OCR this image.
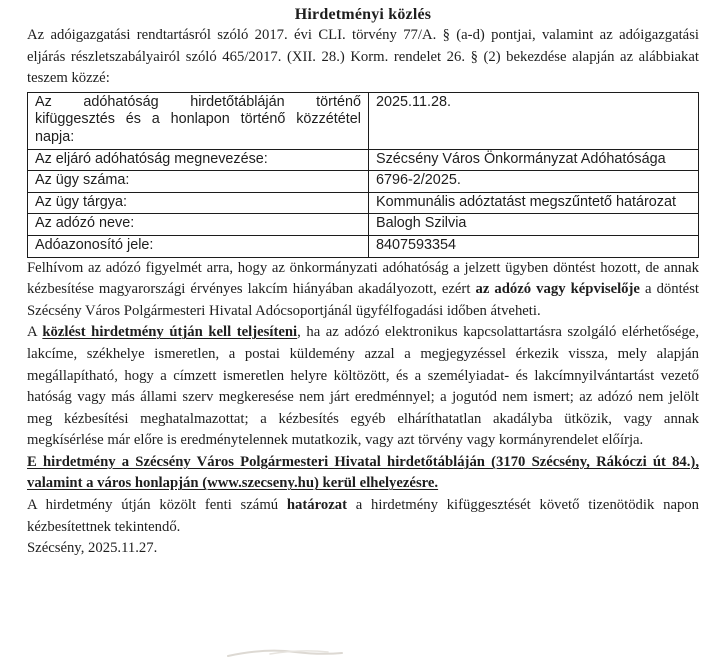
Hirdetményi közlés

Az adóigazgatási rendtartásról szóló 2017. évi CLI. törvény 77/A. § (a-d) pontjai, valamint az adóigazgatási eljárás részletszabályairól szóló 465/2017. (XII. 28.) Korm. rendelet 26. § (2) bekezdése alapján az alábbiakat teszem közzé:

Az adóhatóság hirdetőtábláján történő kifüggesztés és a honlapon történő közzététel napja:	2025.11.28.
Az eljáró adóhatóság megnevezése:	Szécsény Város Önkormányzat Adóhatósága
Az ügy száma:	6796-2/2025.
Az ügy tárgya:	Kommunális adóztatást megszűntető határozat
Az adózó neve:	Balogh Szilvia
Adóazonosító jele:	8407593354

Felhívom az adózó figyelmét arra, hogy az önkormányzati adóhatóság a jelzett ügyben döntést hozott, de annak kézbesítése magyarországi érvényes lakcím hiányában akadályozott, ezért az adózó vagy képviselője a döntést Szécsény Város Polgármesteri Hivatal Adócsoportjánál ügyfélfogadási időben átveheti.

A közlést hirdetmény útján kell teljesíteni, ha az adózó elektronikus kapcsolattartásra szolgáló elérhetősége, lakcíme, székhelye ismeretlen, a postai küldemény azzal a megjegyzéssel érkezik vissza, mely alapján megállapítható, hogy a címzett ismeretlen helyre költözött, és a személyiadat- és lakcímnyilvántartást vezető hatóság vagy más állami szerv megkeresése nem járt eredménnyel; a jogutód nem ismert; az adózó nem jelölt meg kézbesítési meghatalmazottat; a kézbesítés egyéb elháríthatatlan akadályba ütközik, vagy annak megkísérlése már előre is eredménytelennek mutatkozik, vagy azt törvény vagy kormányrendelet előírja.

E hirdetmény a Szécsény Város Polgármesteri Hivatal hirdetőtábláján (3170 Szécsény, Rákóczi út 84.), valamint a város honlapján (www.szecseny.hu) kerül elhelyezésre.

A hirdetmény útján közölt fenti számú határozat a hirdetmény kifüggesztését követő tizenötödik napon kézbesítettnek tekintendő.

Szécsény, 2025.11.27.
